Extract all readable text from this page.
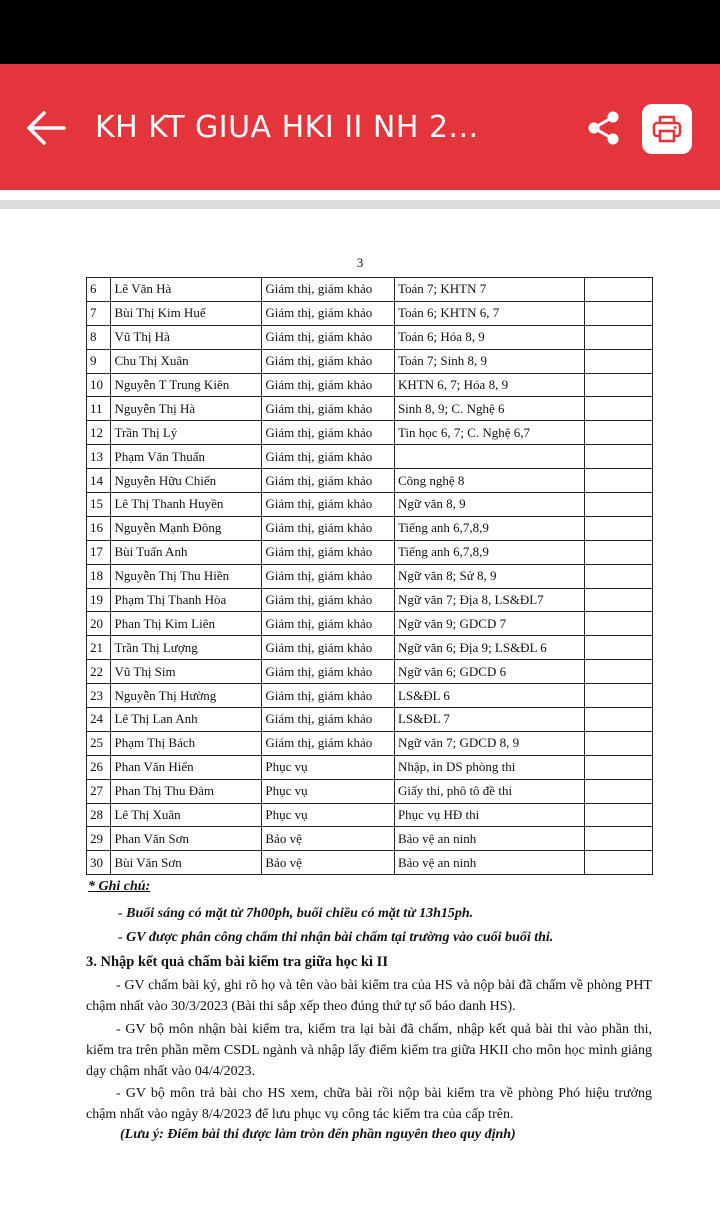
KH KT GIUA HKI II NH 2...
3
6	Lê Văn Hà	Giám thị, giám khảo	Toán 7; KHTN 7	
7	Bùi Thị Kim Huế	Giám thị, giám khảo	Toán 6; KHTN 6, 7	
8	Vũ Thị Hà	Giám thị, giám khảo	Toán 6; Hóa 8, 9	
9	Chu Thị Xuân	Giám thị, giám khảo	Toán 7; Sinh 8, 9	
10	Nguyễn T Trung Kiên	Giám thị, giám khảo	KHTN 6, 7; Hóa 8, 9	
11	Nguyễn Thị Hà	Giám thị, giám khảo	Sinh 8, 9; C. Nghệ 6	
12	Trần Thị Lý	Giám thị, giám khảo	Tin học 6, 7; C. Nghệ 6,7	
13	Phạm Văn Thuấn	Giám thị, giám khảo		
14	Nguyễn Hữu Chiến	Giám thị, giám khảo	Công nghệ 8	
15	Lê Thị Thanh Huyền	Giám thị, giám khảo	Ngữ văn 8, 9	
16	Nguyễn Mạnh Đông	Giám thị, giám khảo	Tiếng anh 6,7,8,9	
17	Bùi Tuấn Anh	Giám thị, giám khảo	Tiếng anh 6,7,8,9	
18	Nguyễn Thị Thu Hiền	Giám thị, giám khảo	Ngữ văn 8; Sử 8, 9	
19	Phạm Thị Thanh Hòa	Giám thị, giám khảo	Ngữ văn 7; Địa 8, LS&ĐL7	
20	Phan Thị Kim Liên	Giám thị, giám khảo	Ngữ văn 9; GDCD 7	
21	Trần Thị Lượng	Giám thị, giám khảo	Ngữ văn 6; Địa 9; LS&ĐL 6	
22	Vũ Thị Sim	Giám thị, giám khảo	Ngữ văn 6; GDCD 6	
23	Nguyễn Thị Hường	Giám thị, giám khảo	LS&ĐL 6	
24	Lê Thị Lan Anh	Giám thị, giám khảo	LS&ĐL 7	
25	Phạm Thị Bách	Giám thị, giám khảo	Ngữ văn 7; GDCD 8, 9	
26	Phan Văn Hiển	Phục vụ	Nhập, in DS phòng thi	
27	Phan Thị Thu Đảm	Phục vụ	Giấy thi, phô tô đề thi	
28	Lê Thị Xuân	Phục vụ	Phục vụ HĐ thi	
29	Phan Văn Sơn	Bảo vệ	Bảo vệ an ninh	
30	Bùi Văn Sơn	Bảo vệ	Bảo vệ an ninh	
* Ghi chú:
- Buổi sáng có mặt từ 7h00ph, buổi chiều có mặt từ 13h15ph.
- GV được phân công chấm thi nhận bài chấm tại trường vào cuối buổi thi.
3. Nhập kết quả chấm bài kiểm tra giữa học kì II
- GV chấm bài ký, ghi rõ họ và tên vào bài kiểm tra của HS và nộp bài đã chấm về phòng PHT chậm nhất vào 30/3/2023 (Bài thi sắp xếp theo đúng thứ tự số báo danh HS).
- GV bộ môn nhận bài kiểm tra, kiểm tra lại bài đã chấm, nhập kết quả bài thi vào phần thi, kiểm tra trên phần mềm CSDL ngành và nhập lấy điểm kiểm tra giữa HKII cho môn học mình giảng dạy chậm nhất vào 04/4/2023.
- GV bộ môn trả bài cho HS xem, chữa bài rồi nộp bài kiểm tra về phòng Phó hiệu trưởng chậm nhất vào ngày 8/4/2023 để lưu phục vụ công tác kiểm tra của cấp trên.
(Lưu ý: Điểm bài thi được làm tròn đến phần nguyên theo quy định)
